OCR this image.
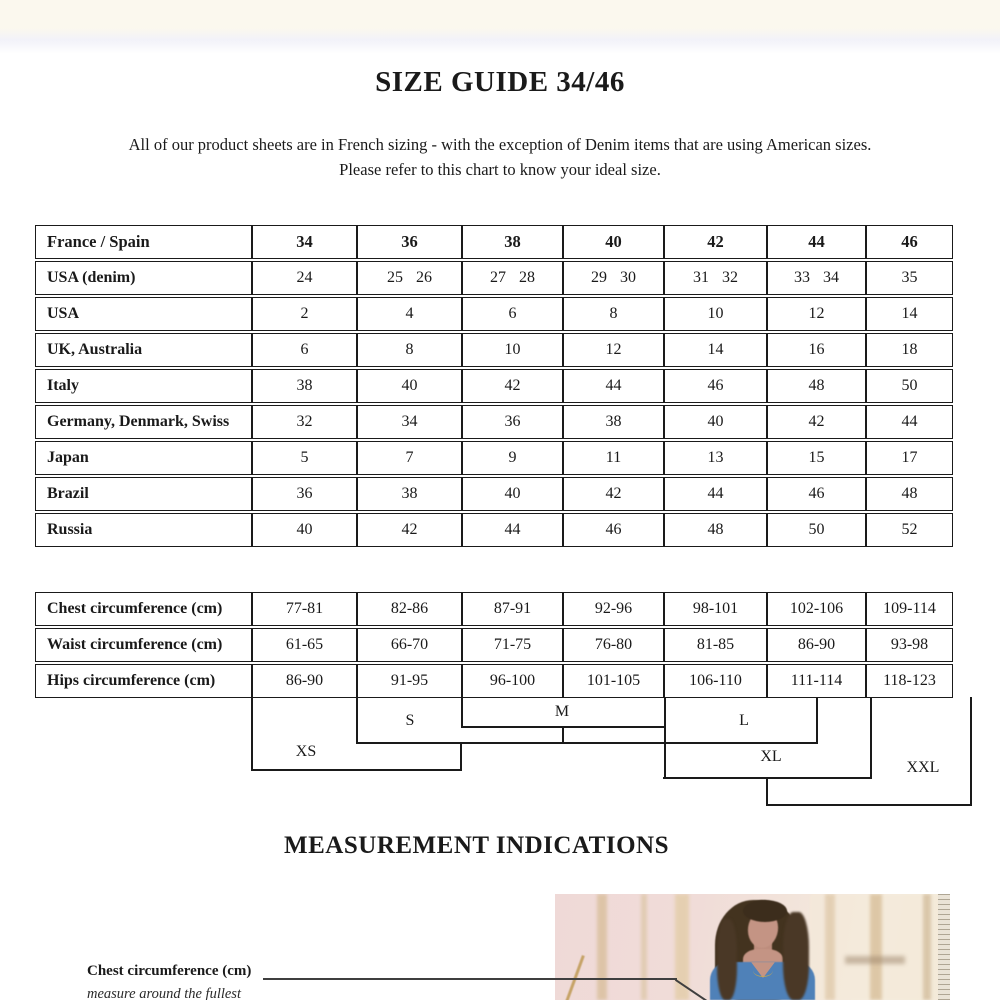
SIZE GUIDE 34/46
All of our product sheets are in French sizing - with the exception of Denim items that are using American sizes.
Please refer to this chart to know your ideal size.
France / Spain	34	36	38	40	42	44	46
USA (denim)	24	25 26	27 28	29 30	31 32	33 34	35
USA	2	4	6	8	10	12	14
UK, Australia	6	8	10	12	14	16	18
Italy	38	40	42	44	46	48	50
Germany, Denmark, Swiss	32	34	36	38	40	42	44
Japan	5	7	9	11	13	15	17
Brazil	36	38	40	42	44	46	48
Russia	40	42	44	46	48	50	52
Chest circumference (cm)	77-81	82-86	87-91	92-96	98-101	102-106	109-114
Waist circumference (cm)	61-65	66-70	71-75	76-80	81-85	86-90	93-98
Hips circumference (cm)	86-90	91-95	96-100	101-105	106-110	111-114	118-123
XS
S
M
L
XL
XXL
MEASUREMENT INDICATIONS
Chest circumference (cm)
measure around the fullest
